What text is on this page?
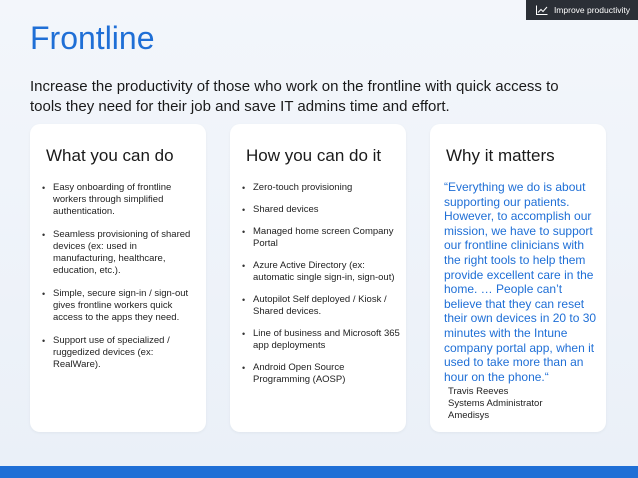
Improve productivity
Frontline

Increase the productivity of those who work on the frontline with quick access to tools they need for their job and save IT admins time and effort.

What you can do
• Easy onboarding of frontline workers through simplified authentication.
• Seamless provisioning of shared devices (ex: used in manufacturing, healthcare, education, etc.).
• Simple, secure sign-in / sign-out gives frontline workers quick access to the apps they need.
• Support use of specialized / ruggedized devices (ex: RealWare).
How you can do it
• Zero-touch provisioning
• Shared devices
• Managed home screen Company Portal
• Azure Active Directory (ex: automatic single sign-in, sign-out)
• Autopilot Self deployed / Kiosk / Shared devices.
• Line of business and Microsoft 365 app deployments
• Android Open Source Programming (AOSP)
Why it matters

“Everything we do is about supporting our patients. However, to accomplish our mission, we have to support our frontline clinicians with the right tools to help them provide excellent care in the home. … People can’t believe that they can reset their own devices in 20 to 30 minutes with the Intune company portal app, when it used to take more than an hour on the phone.“

Travis Reeves
Systems Administrator
Amedisys
